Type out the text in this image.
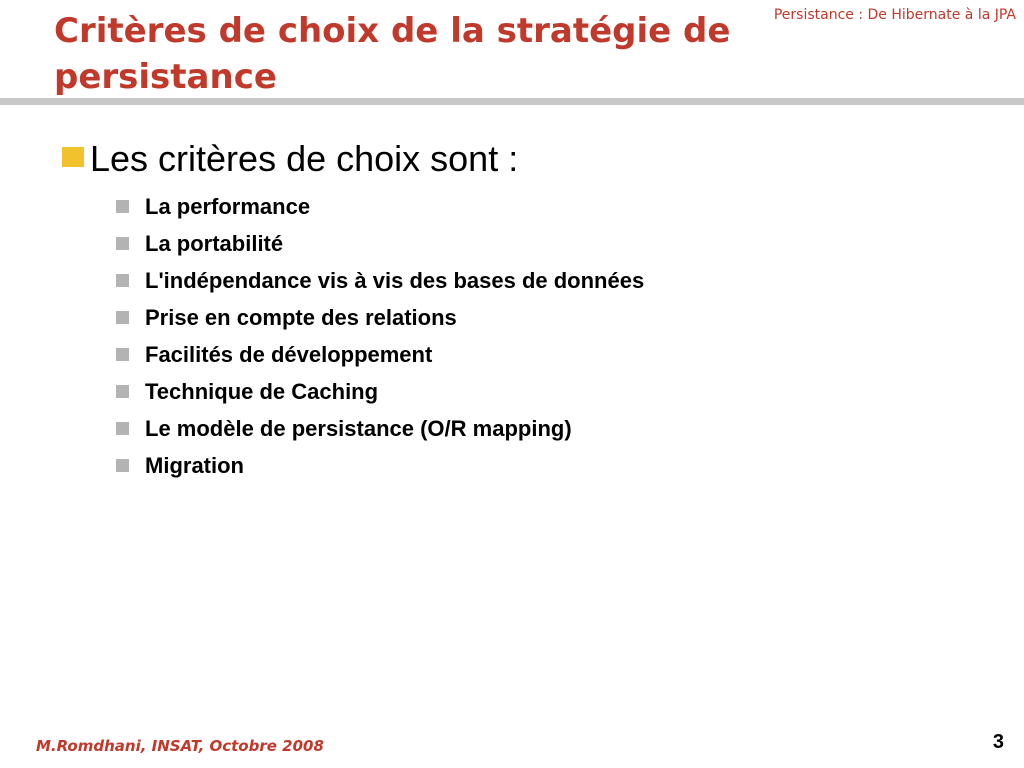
Critères de choix de la stratégie de persistance
Persistance : De Hibernate à la JPA
Les critères de choix sont :
La performance
La portabilité
L'indépendance vis à vis des bases de données
Prise en compte des relations
Facilités de développement
Technique de Caching
Le modèle de persistance (O/R mapping)
Migration
M.Romdhani, INSAT, Octobre 2008	3
